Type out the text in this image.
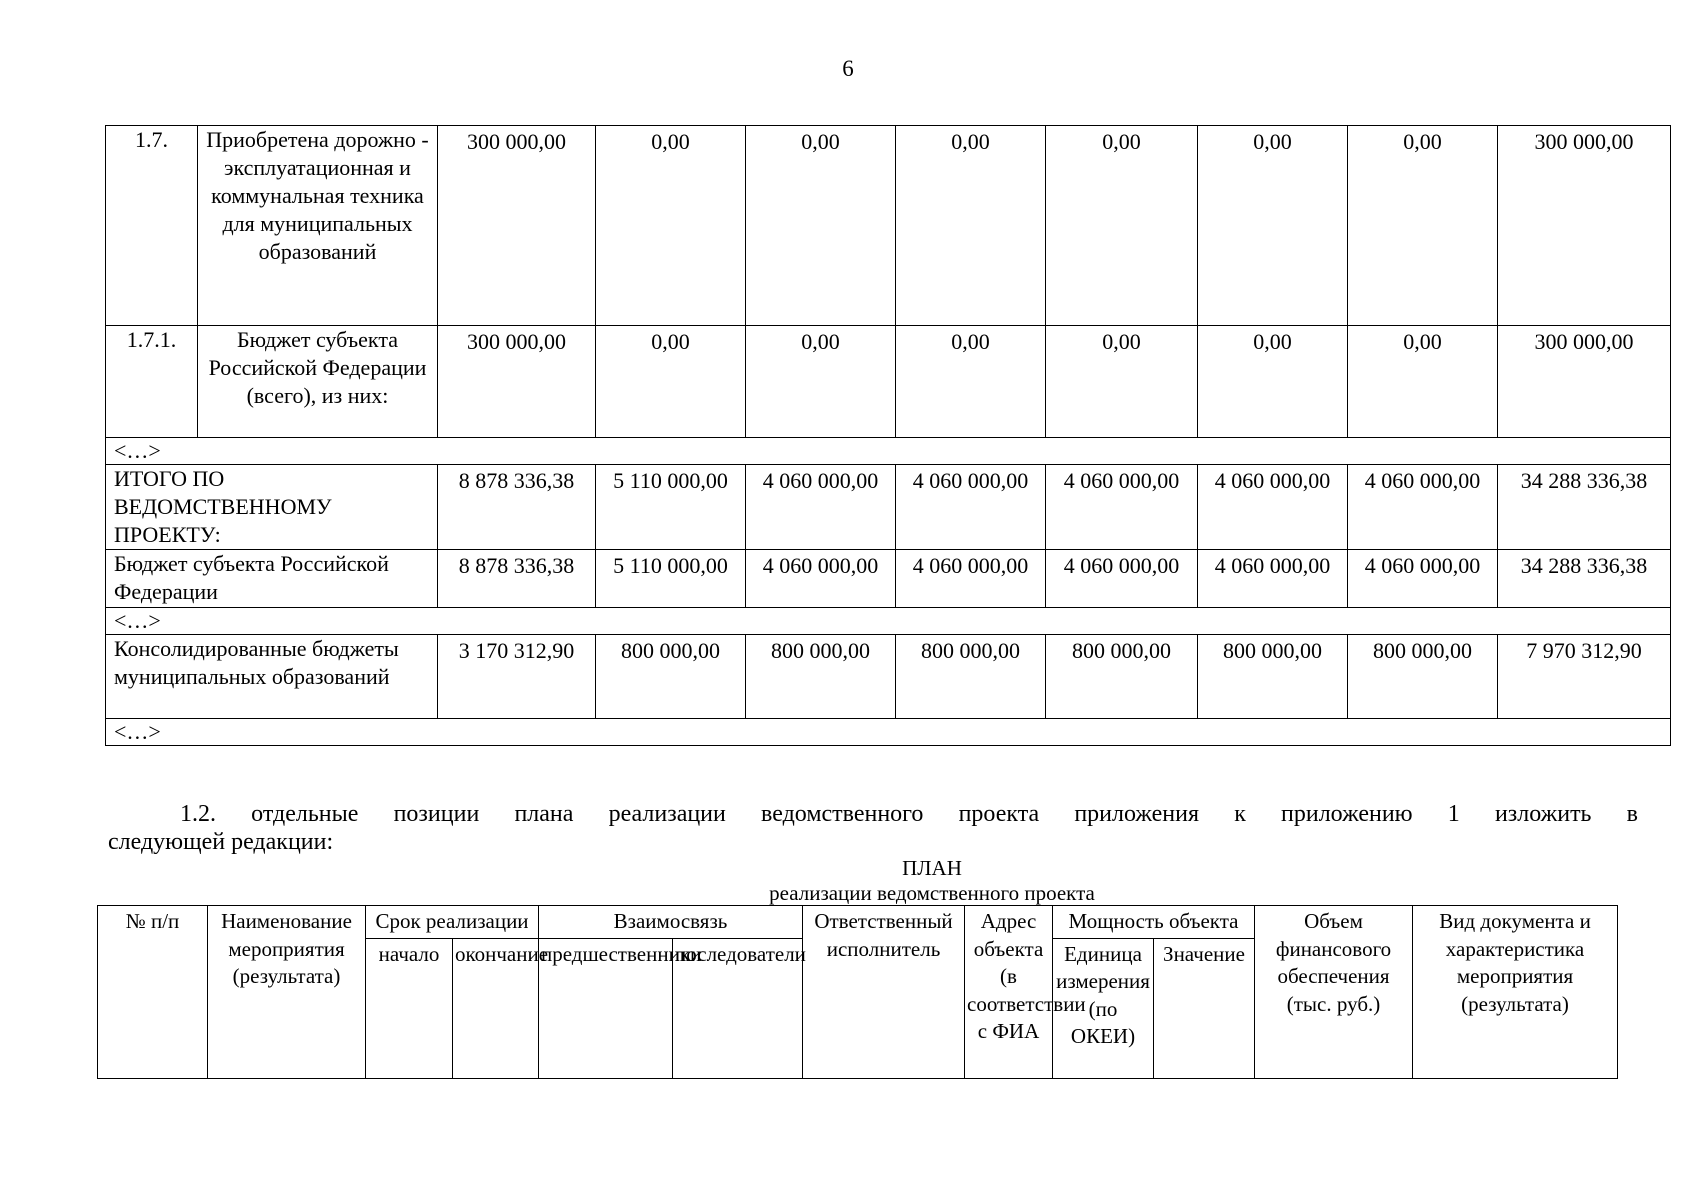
6
1.7.	Приобретена дорожно - эксплуатационная и коммунальная техника для муниципальных образований	300 000,00	0,00	0,00	0,00	0,00	0,00	0,00	300 000,00
1.7.1.	Бюджет субъекта Российской Федерации (всего), из них:	300 000,00	0,00	0,00	0,00	0,00	0,00	0,00	300 000,00
<…>									
ИТОГО ПО ВЕДОМСТВЕННОМУ ПРОЕКТУ:		8 878 336,38	5 110 000,00	4 060 000,00	4 060 000,00	4 060 000,00	4 060 000,00	4 060 000,00	34 288 336,38
Бюджет субъекта Российской Федерации		8 878 336,38	5 110 000,00	4 060 000,00	4 060 000,00	4 060 000,00	4 060 000,00	4 060 000,00	34 288 336,38
<…>									
Консолидированные бюджеты муниципальных образований		3 170 312,90	800 000,00	800 000,00	800 000,00	800 000,00	800 000,00	800 000,00	7 970 312,90
<…>									
1.2. отдельные позиции плана реализации ведомственного проекта приложения к приложению 1 изложить в
следующей редакции:
ПЛАН
реализации ведомственного проекта
№ п/п	Наименование мероприятия (результата)	Срок реализации		Взаимосвязь		Ответственный исполнитель	Адрес объекта (в соответствии с ФИА	Мощность объекта		Объем финансового обеспечения (тыс. руб.)	Вид документа и характеристика мероприятия (результата)
		начало	окончание	предшественники	последователи			Единица измерения (по ОКЕИ)	Значение		
